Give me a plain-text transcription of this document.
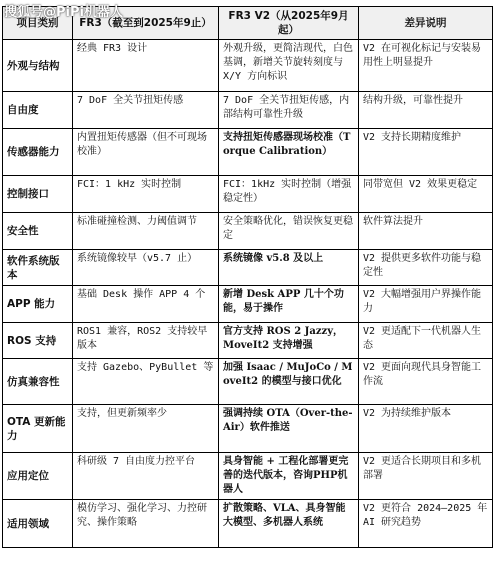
搜狐号@PiPi机器人
项目类别	FR3（截至到2025年9止）	FR3 V2（从2025年9月起）	差异说明
外观与结构	经典 FR3 设计	外观升级，更简洁现代，白色基调，新增关节旋转刻度与 X/Y 方向标识	V2 在可视化标记与安装易用性上明显提升
自由度	7 DoF 全关节扭矩传感	7 DoF 全关节扭矩传感，内部结构可靠性升级	结构升级，可靠性提升
传感器能力	内置扭矩传感器（但不可现场校准）	支持扭矩传感器现场校准（Torque Calibration）	V2 支持长期精度维护
控制接口	FCI：1 kHz 实时控制	FCI：1kHz 实时控制（增强稳定性）	同带宽但 V2 效果更稳定
安全性	标准碰撞检测、力阈值调节	安全策略优化，错误恢复更稳定	软件算法提升
软件系统版本	系统镜像较早（v5.7 止）	系统镜像 v5.8 及以上	V2 提供更多软件功能与稳定性
APP 能力	基础 Desk 操作 APP 4 个	新增 Desk APP 几十个功能，易于操作	V2 大幅增强用户界操作能力
ROS 支持	ROS1 兼容，ROS2 支持较早版本	官方支持 ROS 2 Jazzy，MoveIt2 支持增强	V2 更适配下一代机器人生态
仿真兼容性	支持 Gazebo、PyBullet 等	加强 Isaac / MuJoCo / MoveIt2 的模型与接口优化	V2 更面向现代具身智能工作流
OTA 更新能力	支持，但更新频率少	强调持续 OTA（Over-the-Air）软件推送	V2 为持续维护版本
应用定位	科研级 7 自由度力控平台	具身智能 + 工程化部署更完善的迭代版本，咨询PHP机器人	V2 更适合长期项目和多机部署
适用领域	模仿学习、强化学习、力控研究、操作策略	扩散策略、VLA、具身智能大模型、多机器人系统	V2 更符合 2024–2025 年 AI 研究趋势
